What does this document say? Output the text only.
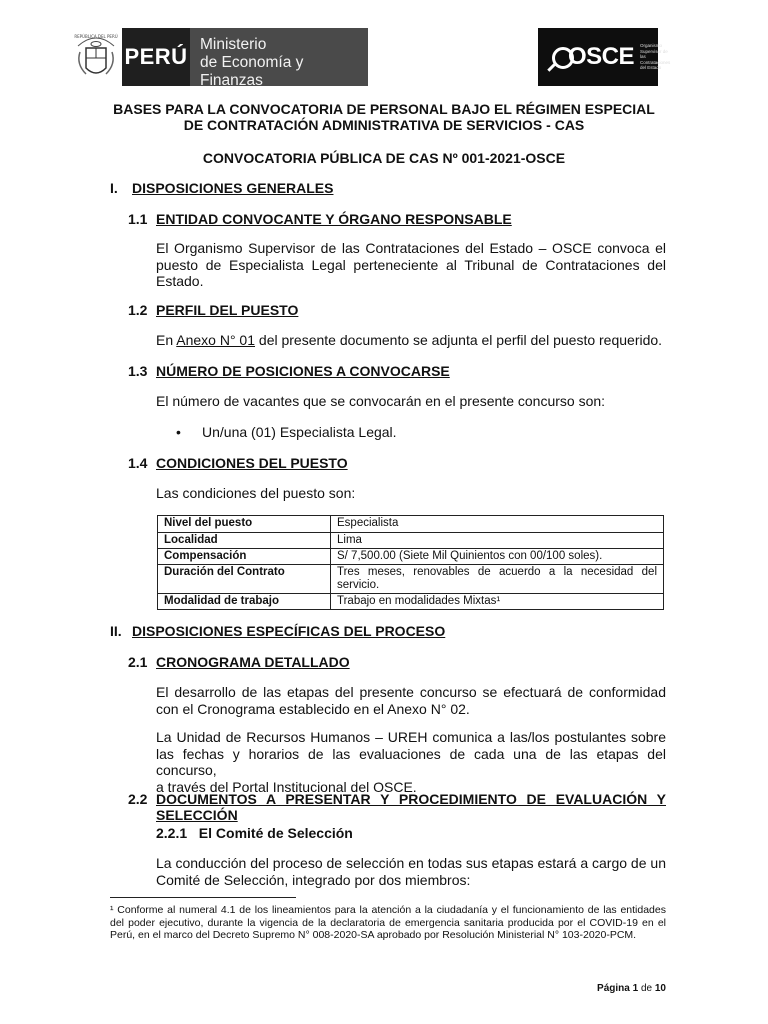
REPÚBLICA DEL PERÚ
PERÚ Ministerio
de Economía y Finanzas
OSCE Organismo Supervisor de las Contrataciones del Estado
BASES PARA LA CONVOCATORIA DE PERSONAL BAJO EL RÉGIMEN ESPECIAL
DE CONTRATACIÓN ADMINISTRATIVA DE SERVICIOS - CAS
CONVOCATORIA PÚBLICA DE CAS Nº 001-2021-OSCE
I. DISPOSICIONES GENERALES
1.1 ENTIDAD CONVOCANTE Y ÓRGANO RESPONSABLE
El Organismo Supervisor de las Contrataciones del Estado – OSCE convoca el
puesto de Especialista Legal perteneciente al Tribunal de Contrataciones del
Estado.
1.2 PERFIL DEL PUESTO
En Anexo N° 01 del presente documento se adjunta el perfil del puesto requerido.
1.3 NÚMERO DE POSICIONES A CONVOCARSE
El número de vacantes que se convocarán en el presente concurso son:
• Un/una (01) Especialista Legal.
1.4 CONDICIONES DEL PUESTO
Las condiciones del puesto son:
Nivel del puesto	Especialista
Localidad	Lima
Compensación	S/ 7,500.00 (Siete Mil Quinientos con 00/100 soles).
Duración del Contrato	Tres meses, renovables de acuerdo a la necesidad del servicio.
Modalidad de trabajo	Trabajo en modalidades Mixtas¹
II. DISPOSICIONES ESPECÍFICAS DEL PROCESO
2.1 CRONOGRAMA DETALLADO
El desarrollo de las etapas del presente concurso se efectuará de conformidad
con el Cronograma establecido en el Anexo N° 02.
La Unidad de Recursos Humanos – UREH comunica a las/los postulantes sobre
las fechas y horarios de las evaluaciones de cada una de las etapas del concurso,
a través del Portal Institucional del OSCE.
2.2 DOCUMENTOS A PRESENTAR Y PROCEDIMIENTO DE EVALUACIÓN Y
SELECCIÓN
2.2.1   El Comité de Selección
La conducción del proceso de selección en todas sus etapas estará a cargo de un
Comité de Selección, integrado por dos miembros:
¹ Conforme al numeral 4.1 de los lineamientos para la atención a la ciudadanía y el funcionamiento de las entidades del poder ejecutivo, durante la vigencia de la declaratoria de emergencia sanitaria producida por el COVID-19 en el Perú, en el marco del Decreto Supremo N° 008-2020-SA aprobado por Resolución Ministerial N° 103-2020-PCM.
Página 1 de 10
